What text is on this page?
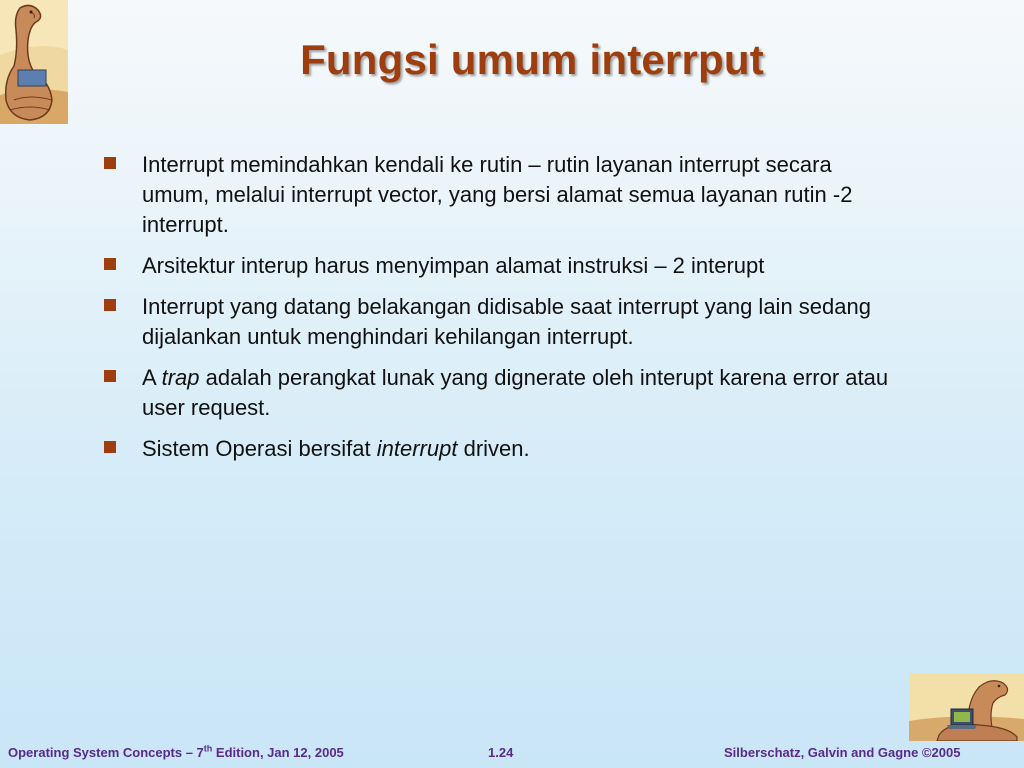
Fungsi umum interrput
Interrupt memindahkan kendali ke rutin – rutin layanan interrupt secara umum, melalui interrupt vector, yang bersi alamat semua layanan rutin -2 interrupt.
Arsitektur interup harus menyimpan alamat instruksi – 2 interupt
Interrupt yang datang belakangan didisable saat interrupt yang lain sedang dijalankan untuk menghindari kehilangan interrupt.
A trap adalah perangkat lunak yang dignerate oleh interupt karena error atau user request.
Sistem Operasi bersifat interrupt driven.
Operating System Concepts – 7th Edition, Jan 12, 2005	1.24	Silberschatz, Galvin and Gagne ©2005
